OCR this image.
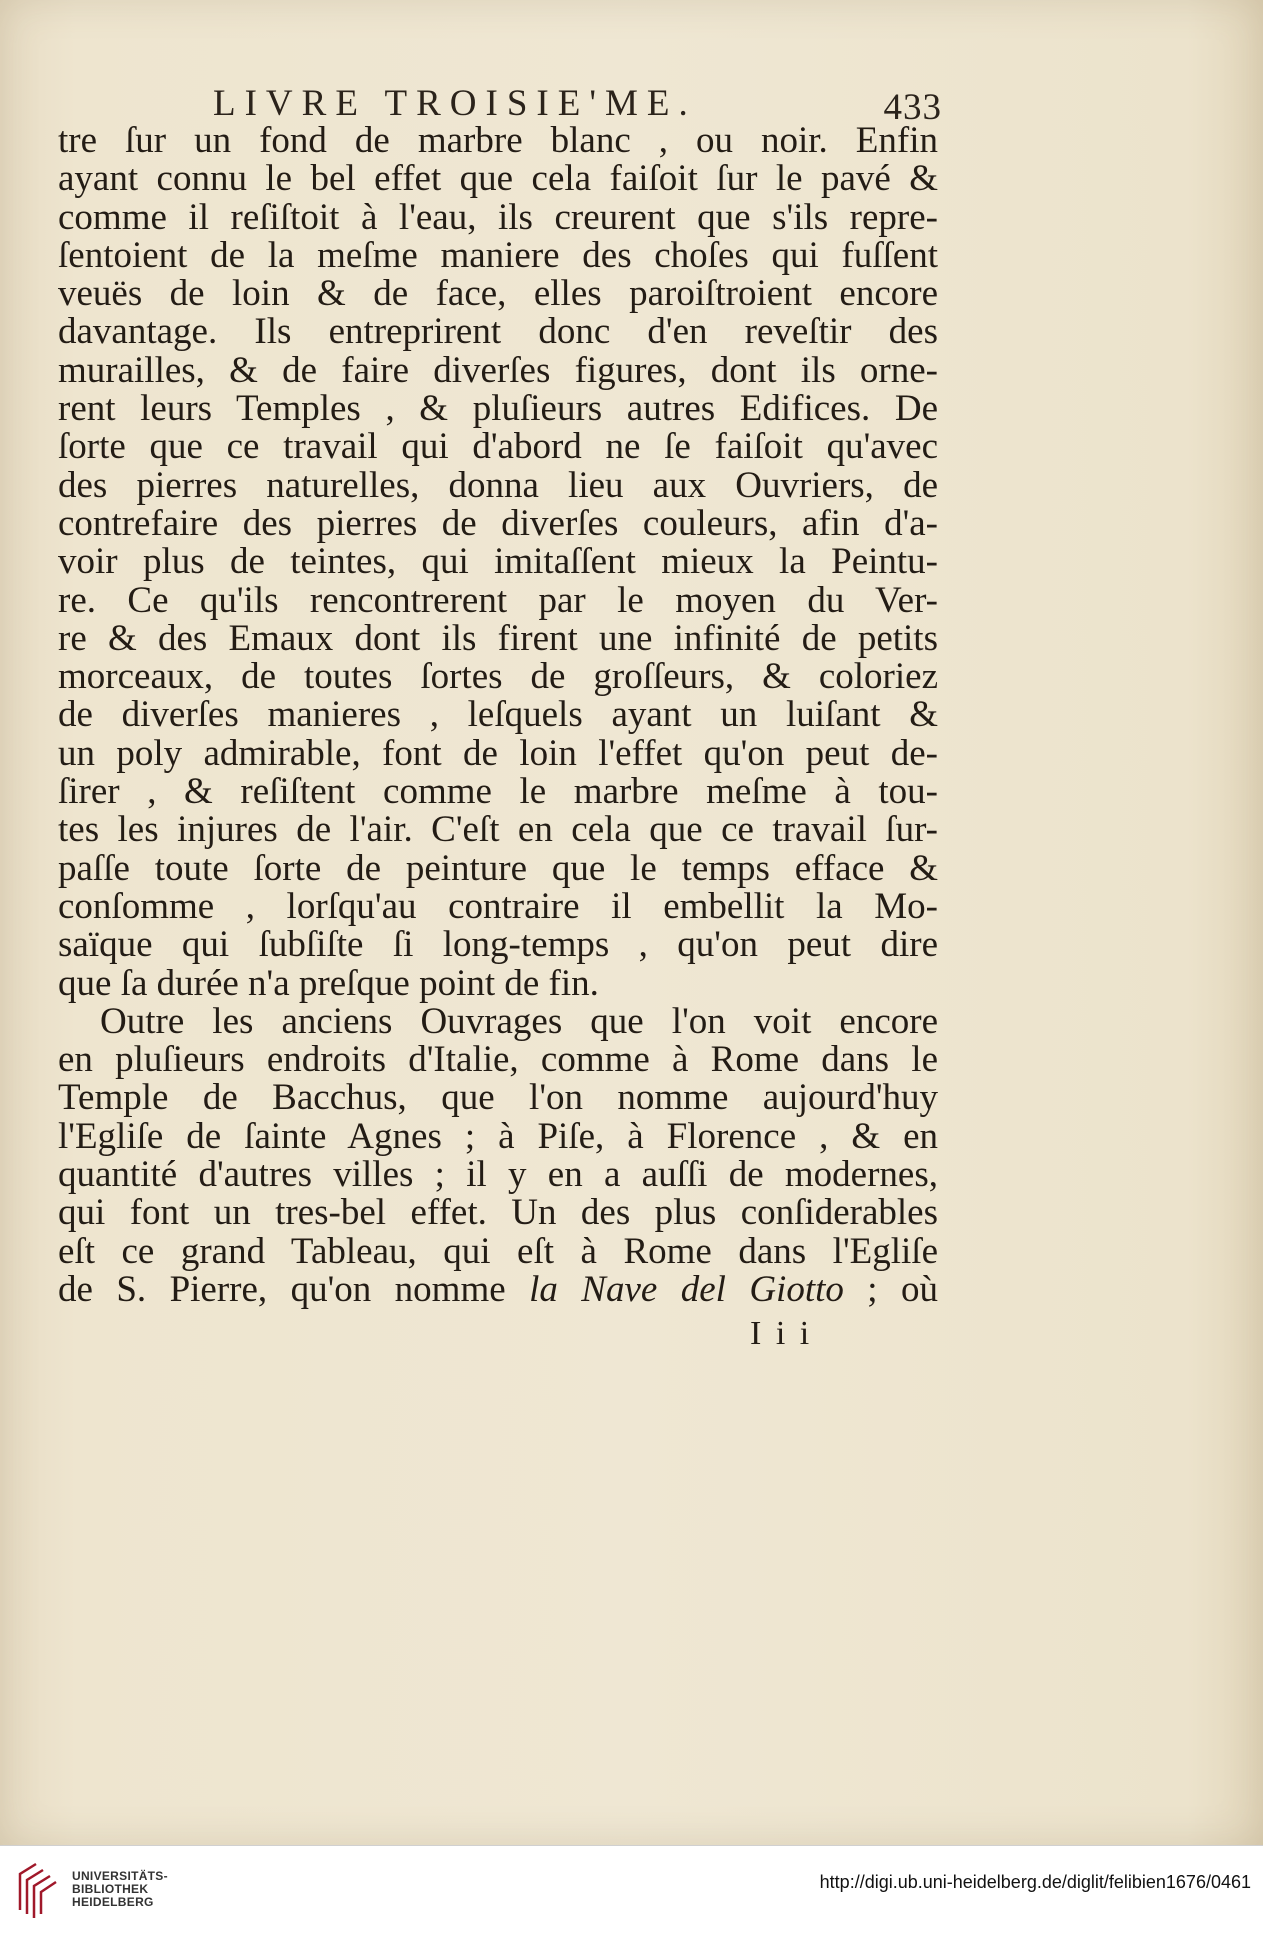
LIVRE TROISIE'ME.	433
tre ſur un fond de marbre blanc , ou noir. Enfin
ayant connu le bel effet que cela faiſoit ſur le pavé &
comme il reſiſtoit à l'eau, ils creurent que s'ils repre-
ſentoient de la meſme maniere des choſes qui fuſſent
veuës de loin & de face, elles paroiſtroient encore
davantage. Ils entreprirent donc d'en reveſtir des
murailles, & de faire diverſes figures, dont ils orne-
rent leurs Temples , & pluſieurs autres Edifices. De
ſorte que ce travail qui d'abord ne ſe faiſoit qu'avec
des pierres naturelles, donna lieu aux Ouvriers, de
contrefaire des pierres de diverſes couleurs, afin d'a-
voir plus de teintes, qui imitaſſent mieux la Peintu-
re. Ce qu'ils rencontrerent par le moyen du Ver-
re & des Emaux dont ils firent une infinité de petits
morceaux, de toutes ſortes de groſſeurs, & coloriez
de diverſes manieres , leſquels ayant un luiſant &
un poly admirable, font de loin l'effet qu'on peut de-
ſirer , & reſiſtent comme le marbre meſme à tou-
tes les injures de l'air. C'eſt en cela que ce travail ſur-
paſſe toute ſorte de peinture que le temps efface &
conſomme , lorſqu'au contraire il embellit la Mo-
saïque qui ſubſiſte ſi long-temps , qu'on peut dire
que ſa durée n'a preſque point de fin.
Outre les anciens Ouvrages que l'on voit encore
en pluſieurs endroits d'Italie, comme à Rome dans le
Temple de Bacchus, que l'on nomme aujourd'huy
l'Egliſe de ſainte Agnes ; à Piſe, à Florence , & en
quantité d'autres villes ; il y en a auſſi de modernes,
qui font un tres-bel effet. Un des plus conſiderables
eſt ce grand Tableau, qui eſt à Rome dans l'Egliſe
de S. Pierre, qu'on nomme la Nave del Giotto ; où
I i i
UNIVERSITÄTS-
BIBLIOTHEK
HEIDELBERG
http://digi.ub.uni-heidelberg.de/diglit/felibien1676/0461
